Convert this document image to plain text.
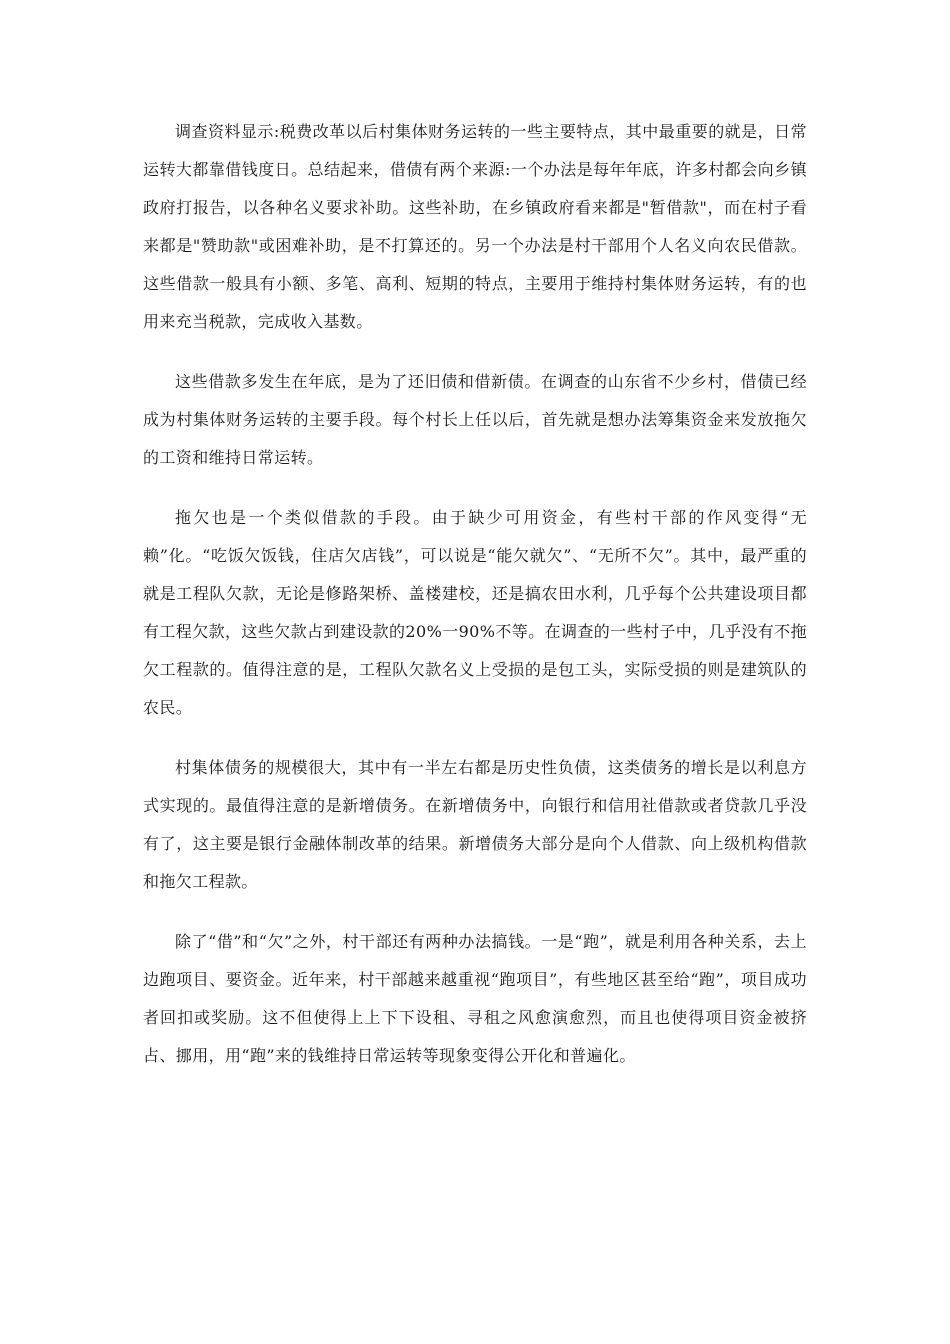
调查资料显示:税费改革以后村集体财务运转的一些主要特点，其中最重要的就是，日常运转大都靠借钱度日。总结起来，借债有两个来源:一个办法是每年年底，许多村都会向乡镇政府打报告，以各种名义要求补助。这些补助，在乡镇政府看来都是"暂借款"，而在村子看来都是"赞助款"或困难补助，是不打算还的。另一个办法是村干部用个人名义向农民借款。这些借款一般具有小额、多笔、高利、短期的特点，主要用于维持村集体财务运转，有的也用来充当税款，完成收入基数。

这些借款多发生在年底，是为了还旧债和借新债。在调查的山东省不少乡村，借债已经成为村集体财务运转的主要手段。每个村长上任以后，首先就是想办法筹集资金来发放拖欠的工资和维持日常运转。

拖欠也是一个类似借款的手段。由于缺少可用资金，有些村干部的作风变得“无赖”化。“吃饭欠饭钱，住店欠店钱”，可以说是“能欠就欠”、“无所不欠”。其中，最严重的就是工程队欠款，无论是修路架桥、盖楼建校，还是搞农田水利，几乎每个公共建设项目都有工程欠款，这些欠款占到建设款的20%一90%不等。在调查的一些村子中，几乎没有不拖欠工程款的。值得注意的是，工程队欠款名义上受损的是包工头，实际受损的则是建筑队的农民。

村集体债务的规模很大，其中有一半左右都是历史性负债，这类债务的增长是以利息方式实现的。最值得注意的是新增债务。在新增债务中，向银行和信用社借款或者贷款几乎没有了，这主要是银行金融体制改革的结果。新增债务大部分是向个人借款、向上级机构借款和拖欠工程款。

除了“借”和“欠”之外，村干部还有两种办法搞钱。一是“跑”，就是利用各种关系，去上边跑项目、要资金。近年来，村干部越来越重视“跑项目”，有些地区甚至给“跑”，项目成功者回扣或奖励。这不但使得上上下下设租、寻租之风愈演愈烈，而且也使得项目资金被挤占、挪用，用“跑”来的钱维持日常运转等现象变得公开化和普遍化。
